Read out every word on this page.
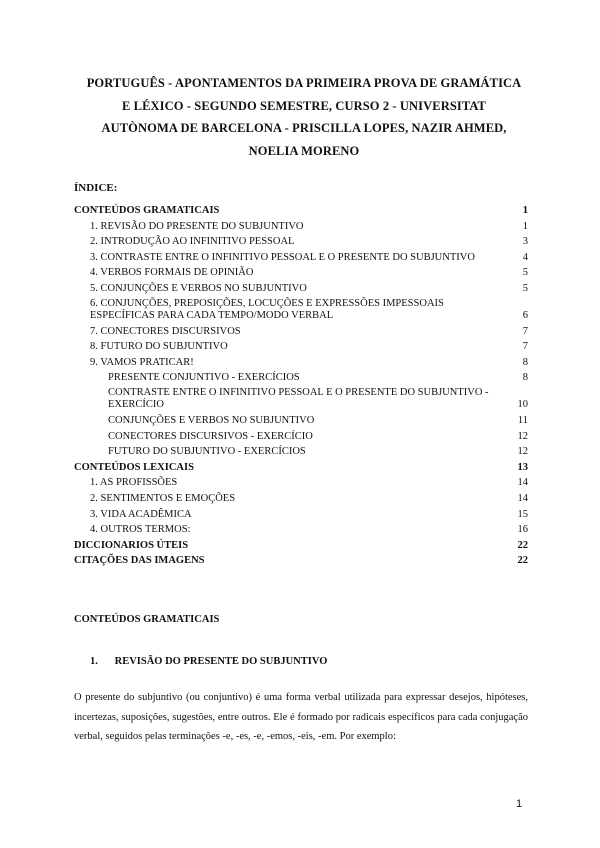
PORTUGUÊS - APONTAMENTOS DA PRIMEIRA PROVA DE GRAMÁTICA
E LÉXICO - SEGUNDO SEMESTRE, CURSO 2 - UNIVERSITAT
AUTÒNOMA DE BARCELONA - PRISCILLA LOPES, NAZIR AHMED,
NOELIA MORENO
ÍNDICE:
CONTEÚDOS GRAMATICAIS	1
1. REVISÃO DO PRESENTE DO SUBJUNTIVO	1
2. INTRODUÇÃO AO INFINITIVO PESSOAL	3
3. CONTRASTE ENTRE O INFINITIVO PESSOAL E O PRESENTE DO SUBJUNTIVO	4
4. VERBOS FORMAIS DE OPINIÃO	5
5. CONJUNÇÕES E VERBOS NO SUBJUNTIVO	5
6. CONJUNÇÕES, PREPOSIÇÕES, LOCUÇÕES E EXPRESSÕES IMPESSOAIS
ESPECÍFICAS PARA CADA TEMPO/MODO VERBAL	6
7. CONECTORES DISCURSIVOS	7
8. FUTURO DO SUBJUNTIVO	7
9. VAMOS PRATICAR!	8
PRESENTE CONJUNTIVO - EXERCÍCIOS	8
CONTRASTE ENTRE O INFINITIVO PESSOAL E O PRESENTE DO SUBJUNTIVO -
EXERCÍCIO	10
CONJUNÇÕES E VERBOS NO SUBJUNTIVO	11
CONECTORES DISCURSIVOS - EXERCÍCIO	12
FUTURO DO SUBJUNTIVO - EXERCÍCIOS	12
CONTEÚDOS LEXICAIS	13
1. AS PROFISSÕES	14
2. SENTIMENTOS E EMOÇÕES	14
3. VIDA ACADÊMICA	15
4. OUTROS TERMOS:	16
DICCIONARIOS ÚTEIS	22
CITAÇÕES DAS IMAGENS	22
CONTEÚDOS GRAMATICAIS
1. REVISÃO DO PRESENTE DO SUBJUNTIVO
O presente do subjuntivo (ou conjuntivo) é uma forma verbal utilizada para expressar desejos, hipóteses, incertezas, suposições, sugestões, entre outros. Ele é formado por radicais específicos para cada conjugação verbal, seguidos pelas terminações -e, -es, -e, -emos, -eis, -em. Por exemplo:
1
